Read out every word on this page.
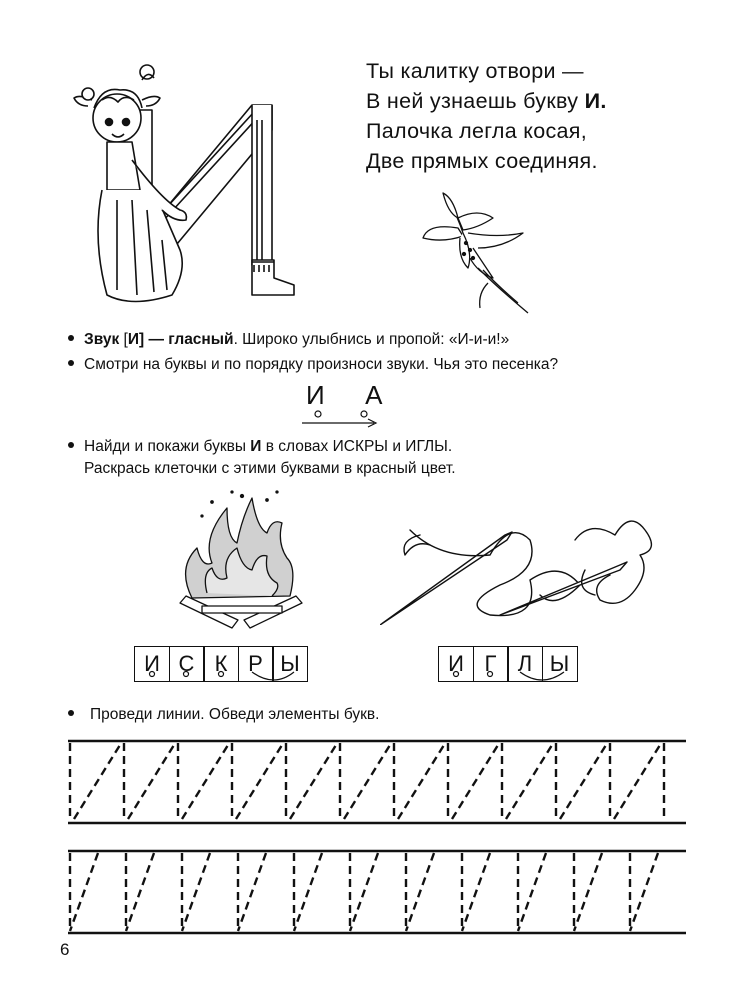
Ты калитку отвори —
В ней узнаешь букву И.
Палочка легла косая,
Две прямых соединяя.
Звук [И] — гласный. Широко улыбнись и пропой: «И-и-и!»
Смотри на буквы и по порядку произноси звуки. Чья это песенка?
И А
Найди и покажи буквы И в словах ИСКРЫ и ИГЛЫ.
Раскрась клеточки с этими буквами в красный цвет.
И С К Р Ы	И Г Л Ы
Проведи линии. Обведи элементы букв.
6
